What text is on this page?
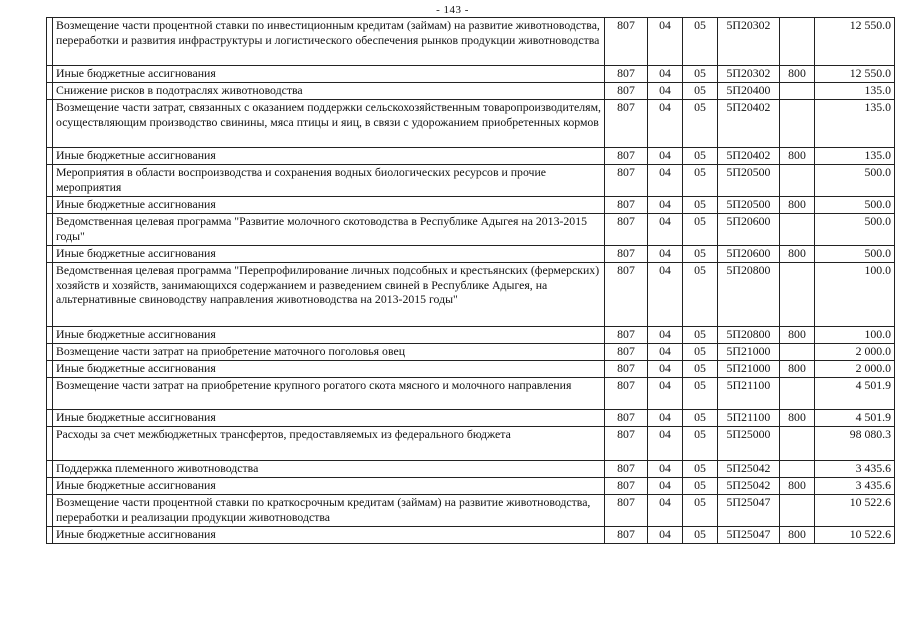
- 143 -
	Возмещение части процентной ставки по инвестиционным кредитам (займам) на развитие животноводства, переработки и развития инфраструктуры и логистического обеспечения рынков продукции животноводства	807	04	05	5П20302		12 550.0
	Иные бюджетные ассигнования	807	04	05	5П20302	800	12 550.0
	Снижение рисков в подотраслях животноводства	807	04	05	5П20400		135.0
	Возмещение части затрат, связанных с оказанием поддержки сельскохозяйственным товаропроизводителям, осуществляющим производство свинины, мяса птицы и яиц, в связи с удорожанием приобретенных кормов	807	04	05	5П20402		135.0
	Иные бюджетные ассигнования	807	04	05	5П20402	800	135.0
	Мероприятия в области воспроизводства и сохранения водных биологических ресурсов и прочие мероприятия	807	04	05	5П20500		500.0
	Иные бюджетные ассигнования	807	04	05	5П20500	800	500.0
	Ведомственная целевая программа "Развитие молочного скотоводства в Республике Адыгея на 2013-2015 годы"	807	04	05	5П20600		500.0
	Иные бюджетные ассигнования	807	04	05	5П20600	800	500.0
	Ведомственная целевая программа "Перепрофилирование личных подсобных и крестьянских (фермерских) хозяйств и хозяйств, занимающихся содержанием и разведением свиней в Республике Адыгея, на альтернативные свиноводству направления животноводства на 2013-2015 годы"	807	04	05	5П20800		100.0
	Иные бюджетные ассигнования	807	04	05	5П20800	800	100.0
	Возмещение части затрат на приобретение маточного поголовья овец	807	04	05	5П21000		2 000.0
	Иные бюджетные ассигнования	807	04	05	5П21000	800	2 000.0
	Возмещение части затрат на приобретение крупного рогатого скота мясного и молочного направления	807	04	05	5П21100		4 501.9
	Иные бюджетные ассигнования	807	04	05	5П21100	800	4 501.9
	Расходы за счет межбюджетных трансфертов, предоставляемых из федерального бюджета	807	04	05	5П25000		98 080.3
	Поддержка племенного животноводства	807	04	05	5П25042		3 435.6
	Иные бюджетные ассигнования	807	04	05	5П25042	800	3 435.6
	Возмещение части процентной ставки по краткосрочным кредитам (займам) на развитие животноводства, переработки и реализации продукции животноводства	807	04	05	5П25047		10 522.6
	Иные бюджетные ассигнования	807	04	05	5П25047	800	10 522.6
